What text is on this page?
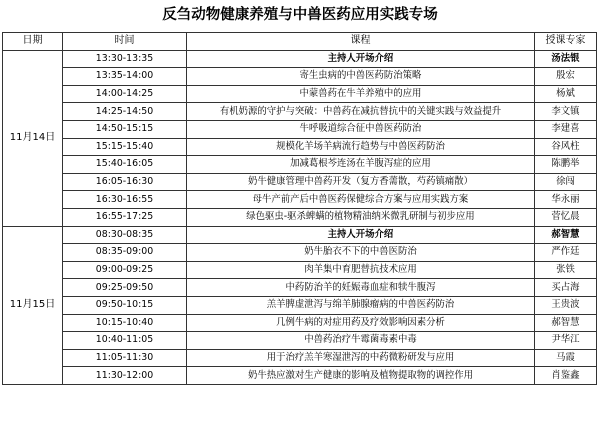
反刍动物健康养殖与中兽医药应用实践专场
日期	时间	课程	授课专家
11月14日	13:30-13:35	主持人开场介绍	汤法银
	13:35-14:00	寄生虫病的中兽医药防治策略	殷宏
	14:00-14:25	中蒙兽药在牛羊养殖中的应用	杨斌
	14:25-14:50	有机奶源的守护与突破：中兽药在减抗替抗中的关键实践与效益提升	李文镇
	14:50-15:15	牛呼吸道综合征中兽医药防治	李建喜
	15:15-15:40	规模化羊场羊病流行趋势与中兽医药防治	谷风柱
	15:40-16:05	加减葛根芩连汤在羊腹泻症的应用	陈鹏举
	16:05-16:30	奶牛健康管理中兽药开发（复方香薷散，芍药镇痛散）	徐闯
	16:30-16:55	母牛产前产后中兽医药保健综合方案与应用实践方案	华永丽
	16:55-17:25	绿色驱虫-驱杀蜱螨的植物精油纳米微乳研制与初步应用	菅忆晨
11月15日	08:30-08:35	主持人开场介绍	郝智慧
	08:35-09:00	奶牛胎衣不下的中兽医防治	严作廷
	09:00-09:25	肉羊集中育肥替抗技术应用	张铁
	09:25-09:50	中药防治羊的妊娠毒血症和犊牛腹泻	买占海
	09:50-10:15	羔羊脾虚泄泻与绵羊肺腺瘤病的中兽医药防治	王贵波
	10:15-10:40	几例牛病的对症用药及疗效影响因素分析	郝智慧
	10:40-11:05	中兽药治疗牛霉菌毒素中毒	尹华江
	11:05-11:30	用于治疗羔羊寒湿泄泻的中药微粉研发与应用	马霞
	11:30-12:00	奶牛热应激对生产健康的影响及植物提取物的调控作用	肖鉴鑫
